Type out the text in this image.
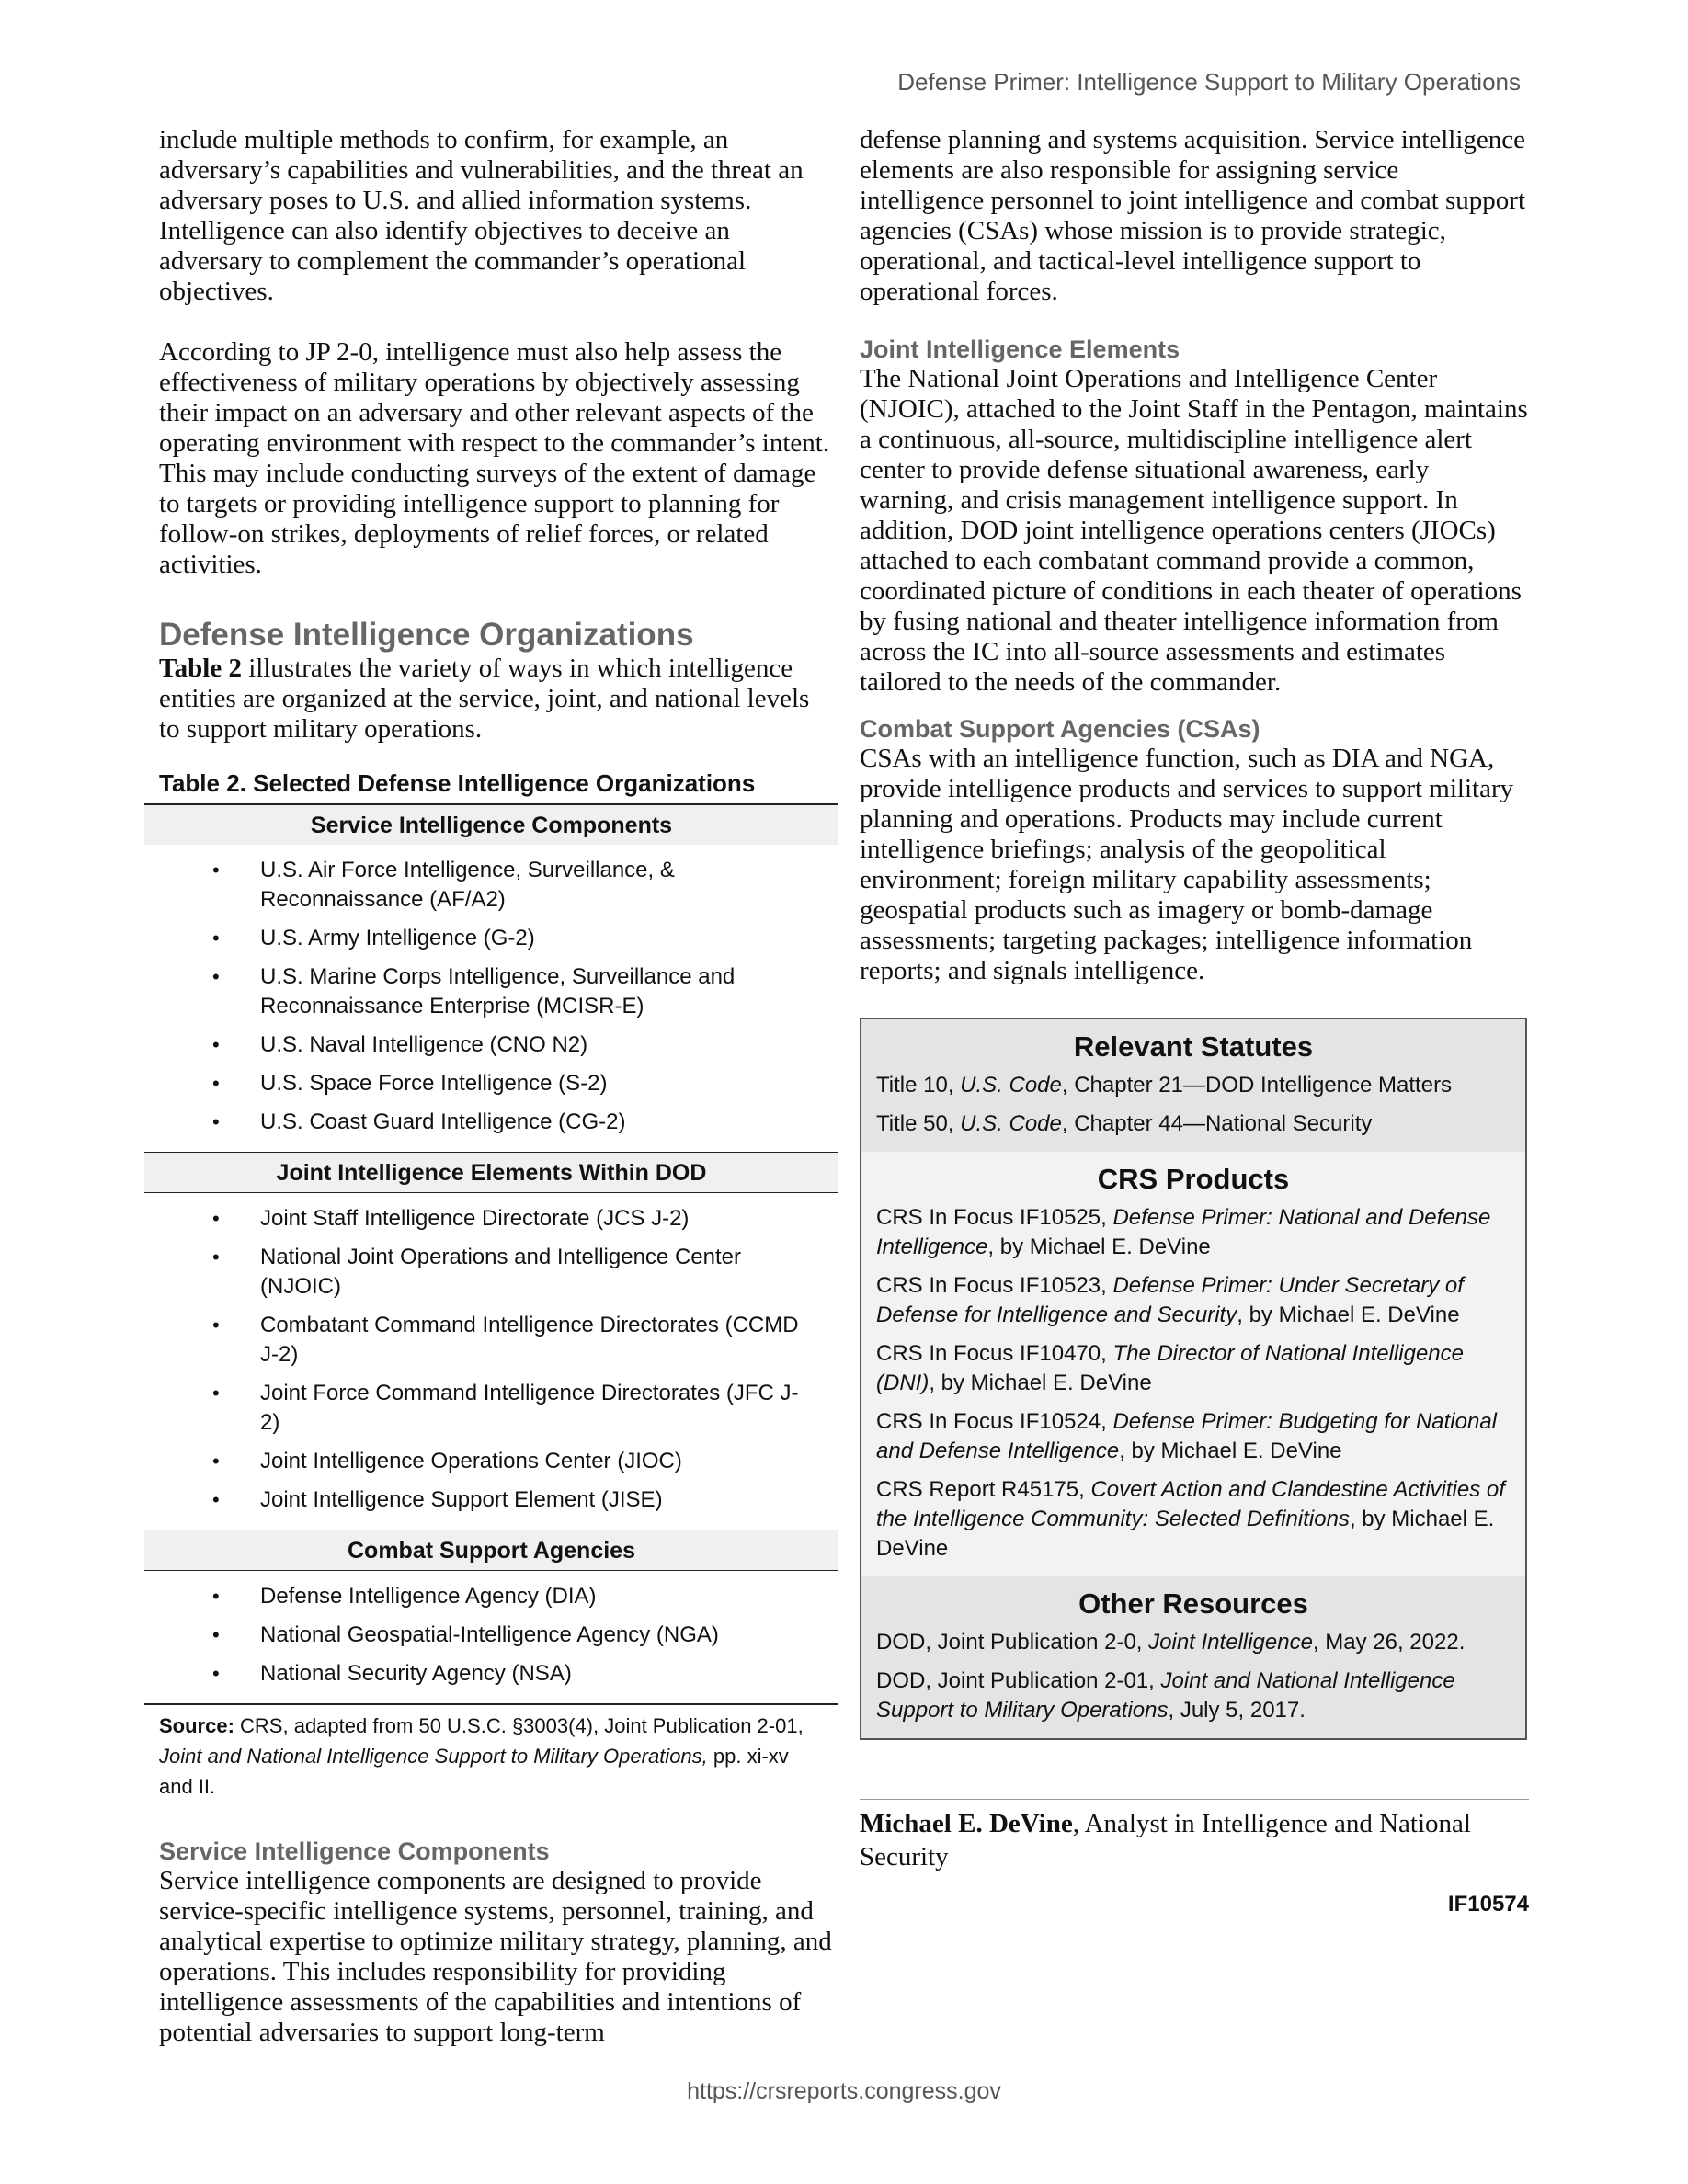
Defense Primer: Intelligence Support to Military Operations

include multiple methods to confirm, for example, an adversary’s capabilities and vulnerabilities, and the threat an adversary poses to U.S. and allied information systems. Intelligence can also identify objectives to deceive an adversary to complement the commander’s operational objectives.

According to JP 2-0, intelligence must also help assess the effectiveness of military operations by objectively assessing their impact on an adversary and other relevant aspects of the operating environment with respect to the commander’s intent. This may include conducting surveys of the extent of damage to targets or providing intelligence support to planning for follow-on strikes, deployments of relief forces, or related activities.

Defense Intelligence Organizations

Table 2 illustrates the variety of ways in which intelligence entities are organized at the service, joint, and national levels to support military operations.

Table 2. Selected Defense Intelligence Organizations
Service Intelligence Components
• U.S. Air Force Intelligence, Surveillance, & Reconnaissance (AF/A2)
• U.S. Army Intelligence (G-2)
• U.S. Marine Corps Intelligence, Surveillance and Reconnaissance Enterprise (MCISR-E)
• U.S. Naval Intelligence (CNO N2)
• U.S. Space Force Intelligence (S-2)
• U.S. Coast Guard Intelligence (CG-2)
Joint Intelligence Elements Within DOD
• Joint Staff Intelligence Directorate (JCS J-2)
• National Joint Operations and Intelligence Center (NJOIC)
• Combatant Command Intelligence Directorates (CCMD J-2)
• Joint Force Command Intelligence Directorates (JFC J-2)
• Joint Intelligence Operations Center (JIOC)
• Joint Intelligence Support Element (JISE)
Combat Support Agencies
• Defense Intelligence Agency (DIA)
• National Geospatial-Intelligence Agency (NGA)
• National Security Agency (NSA)
Source: CRS, adapted from 50 U.S.C. §3003(4), Joint Publication 2-01, Joint and National Intelligence Support to Military Operations, pp. xi-xv and II.
Service Intelligence Components

Service intelligence components are designed to provide service-specific intelligence systems, personnel, training, and analytical expertise to optimize military strategy, planning, and operations. This includes responsibility for providing intelligence assessments of the capabilities and intentions of potential adversaries to support long-term

defense planning and systems acquisition. Service intelligence elements are also responsible for assigning service intelligence personnel to joint intelligence and combat support agencies (CSAs) whose mission is to provide strategic, operational, and tactical-level intelligence support to operational forces.

Joint Intelligence Elements

The National Joint Operations and Intelligence Center (NJOIC), attached to the Joint Staff in the Pentagon, maintains a continuous, all-source, multidiscipline intelligence alert center to provide defense situational awareness, early warning, and crisis management intelligence support. In addition, DOD joint intelligence operations centers (JIOCs) attached to each combatant command provide a common, coordinated picture of conditions in each theater of operations by fusing national and theater intelligence information from across the IC into all-source assessments and estimates tailored to the needs of the commander.

Combat Support Agencies (CSAs)

CSAs with an intelligence function, such as DIA and NGA, provide intelligence products and services to support military planning and operations. Products may include current intelligence briefings; analysis of the geopolitical environment; foreign military capability assessments; geospatial products such as imagery or bomb-damage assessments; targeting packages; intelligence information reports; and signals intelligence.

Relevant Statutes
Title 10, U.S. Code, Chapter 21—DOD Intelligence Matters
Title 50, U.S. Code, Chapter 44—National Security
CRS Products
CRS In Focus IF10525, Defense Primer: National and Defense Intelligence, by Michael E. DeVine
CRS In Focus IF10523, Defense Primer: Under Secretary of Defense for Intelligence and Security, by Michael E. DeVine
CRS In Focus IF10470, The Director of National Intelligence (DNI), by Michael E. DeVine
CRS In Focus IF10524, Defense Primer: Budgeting for National and Defense Intelligence, by Michael E. DeVine
CRS Report R45175, Covert Action and Clandestine Activities of the Intelligence Community: Selected Definitions, by Michael E. DeVine
Other Resources
DOD, Joint Publication 2-0, Joint Intelligence, May 26, 2022.
DOD, Joint Publication 2-01, Joint and National Intelligence Support to Military Operations, July 5, 2017.
Michael E. DeVine, Analyst in Intelligence and National Security
IF10574
https://crsreports.congress.gov
